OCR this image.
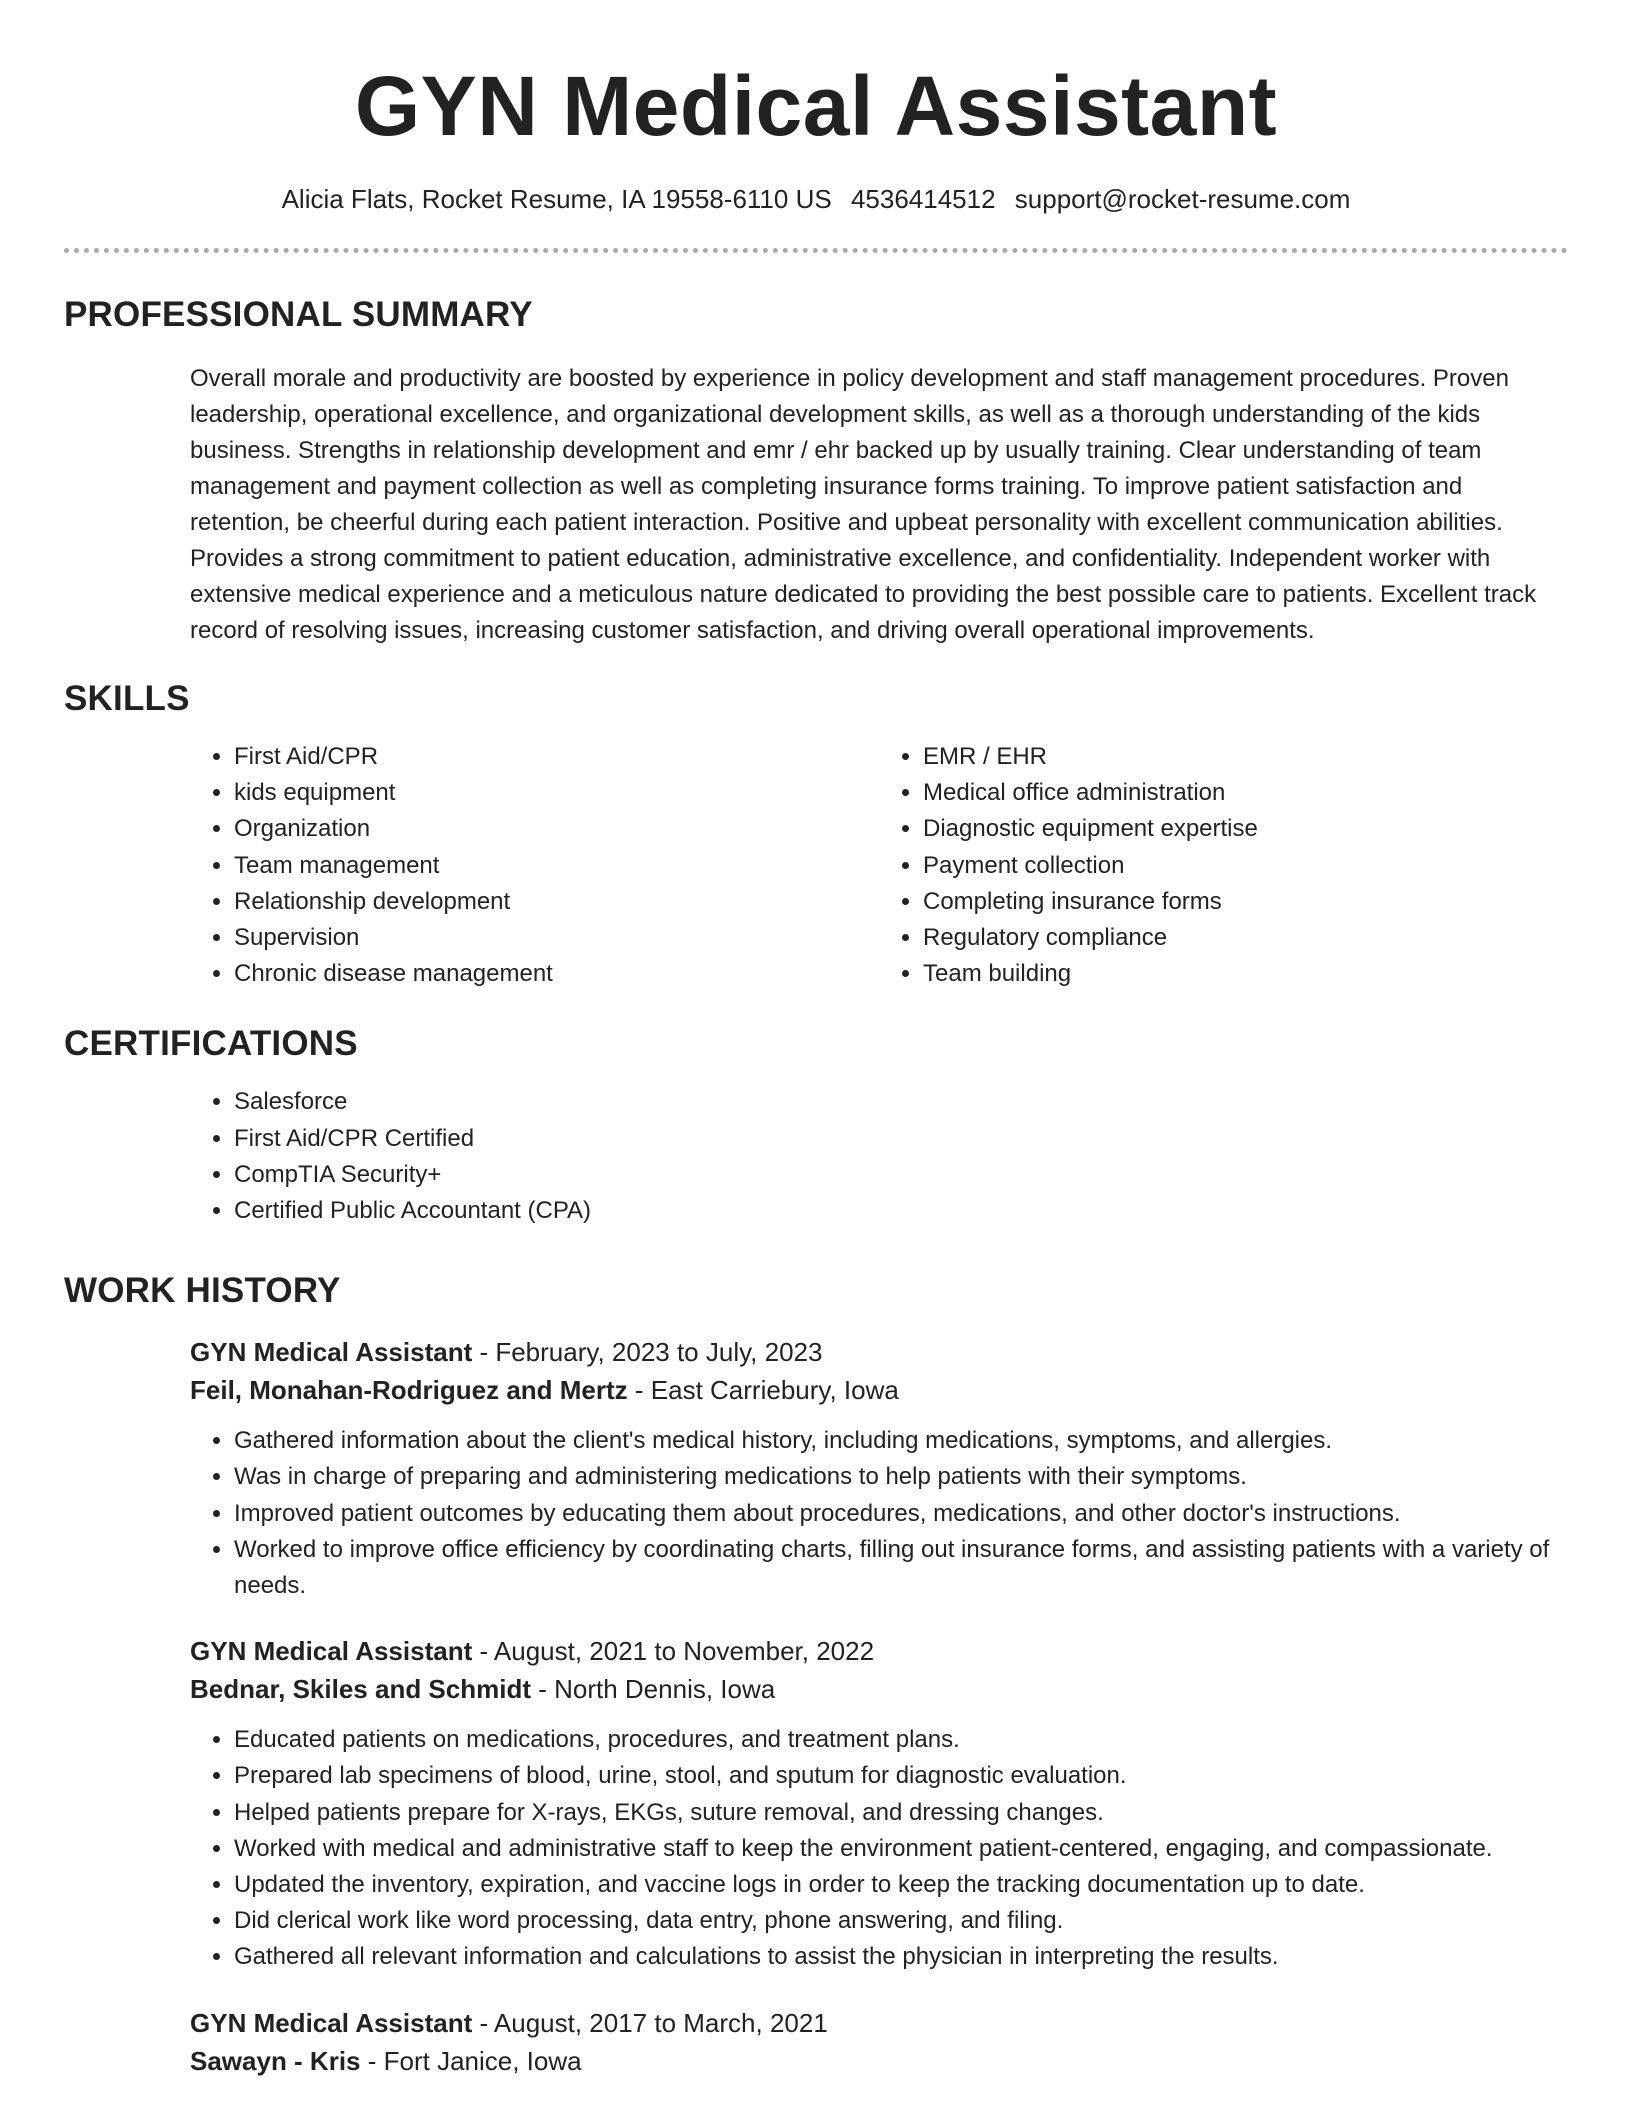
GYN Medical Assistant
Alicia Flats, Rocket Resume, IA 19558-6110 US 4536414512 support@rocket-resume.com
PROFESSIONAL SUMMARY
Overall morale and productivity are boosted by experience in policy development and staff management procedures. Proven leadership, operational excellence, and organizational development skills, as well as a thorough understanding of the kids business. Strengths in relationship development and emr / ehr backed up by usually training. Clear understanding of team management and payment collection as well as completing insurance forms training. To improve patient satisfaction and retention, be cheerful during each patient interaction. Positive and upbeat personality with excellent communication abilities. Provides a strong commitment to patient education, administrative excellence, and confidentiality. Independent worker with extensive medical experience and a meticulous nature dedicated to providing the best possible care to patients. Excellent track record of resolving issues, increasing customer satisfaction, and driving overall operational improvements.
SKILLS
• First Aid/CPR
• kids equipment
• Organization
• Team management
• Relationship development
• Supervision
• Chronic disease management
• EMR / EHR
• Medical office administration
• Diagnostic equipment expertise
• Payment collection
• Completing insurance forms
• Regulatory compliance
• Team building
CERTIFICATIONS
• Salesforce
• First Aid/CPR Certified
• CompTIA Security+
• Certified Public Accountant (CPA)
WORK HISTORY
GYN Medical Assistant - February, 2023 to July, 2023
Feil, Monahan-Rodriguez and Mertz - East Carriebury, Iowa
• Gathered information about the client's medical history, including medications, symptoms, and allergies.
• Was in charge of preparing and administering medications to help patients with their symptoms.
• Improved patient outcomes by educating them about procedures, medications, and other doctor's instructions.
• Worked to improve office efficiency by coordinating charts, filling out insurance forms, and assisting patients with a variety of needs.
GYN Medical Assistant - August, 2021 to November, 2022
Bednar, Skiles and Schmidt - North Dennis, Iowa
• Educated patients on medications, procedures, and treatment plans.
• Prepared lab specimens of blood, urine, stool, and sputum for diagnostic evaluation.
• Helped patients prepare for X-rays, EKGs, suture removal, and dressing changes.
• Worked with medical and administrative staff to keep the environment patient-centered, engaging, and compassionate.
• Updated the inventory, expiration, and vaccine logs in order to keep the tracking documentation up to date.
• Did clerical work like word processing, data entry, phone answering, and filing.
• Gathered all relevant information and calculations to assist the physician in interpreting the results.
GYN Medical Assistant - August, 2017 to March, 2021
Sawayn - Kris - Fort Janice, Iowa
